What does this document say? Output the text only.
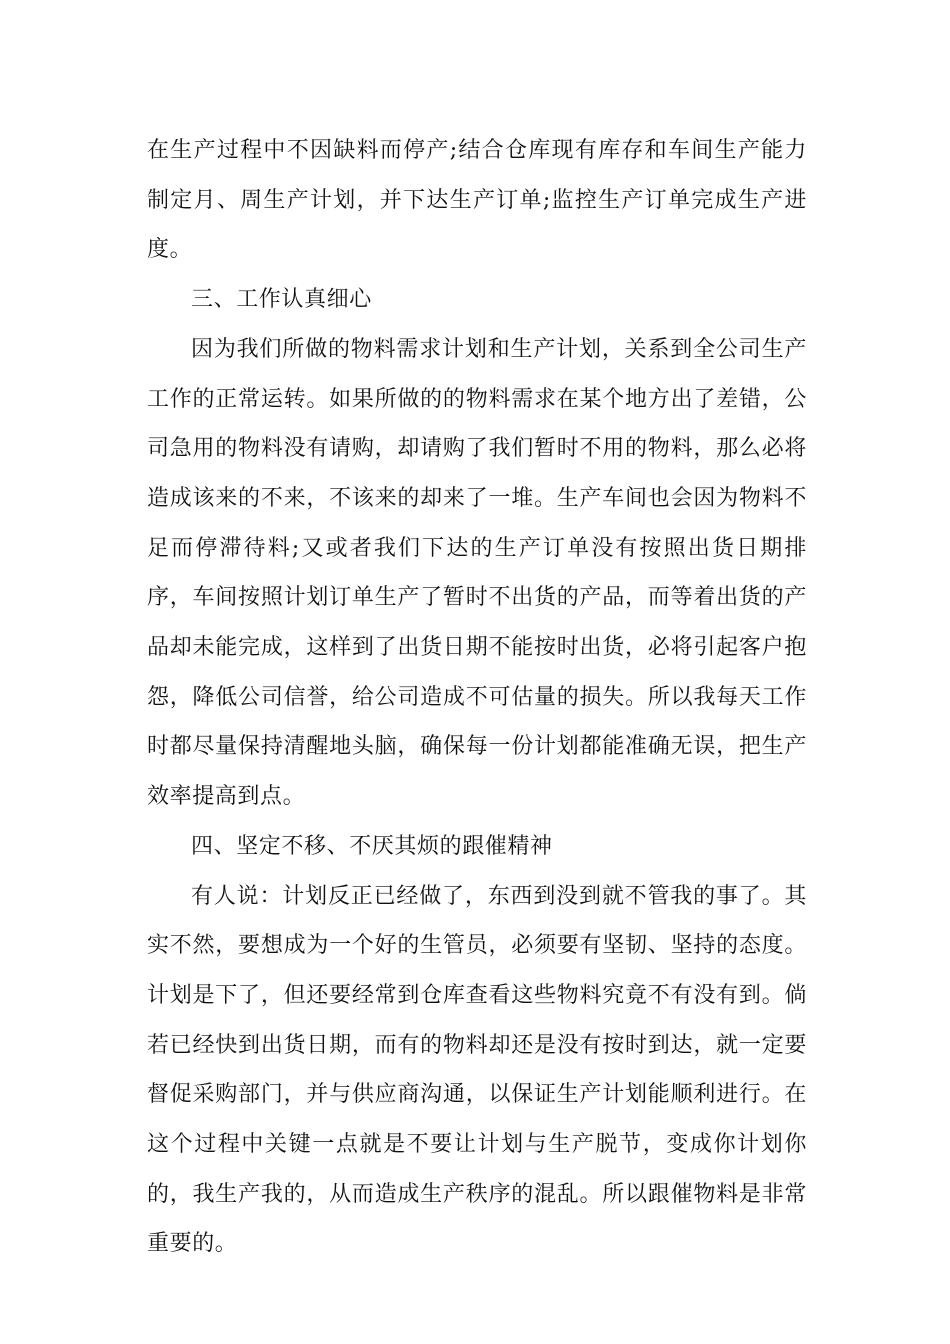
在生产过程中不因缺料而停产;结合仓库现有库存和车间生产能力制定月、周生产计划，并下达生产订单;监控生产订单完成生产进度。

三、工作认真细心

因为我们所做的物料需求计划和生产计划，关系到全公司生产工作的正常运转。如果所做的的物料需求在某个地方出了差错，公司急用的物料没有请购，却请购了我们暂时不用的物料，那么必将造成该来的不来，不该来的却来了一堆。生产车间也会因为物料不足而停滞待料;又或者我们下达的生产订单没有按照出货日期排序，车间按照计划订单生产了暂时不出货的产品，而等着出货的产品却未能完成，这样到了出货日期不能按时出货，必将引起客户抱怨，降低公司信誉，给公司造成不可估量的损失。所以我每天工作时都尽量保持清醒地头脑，确保每一份计划都能准确无误，把生产效率提高到点。

四、坚定不移、不厌其烦的跟催精神

有人说：计划反正已经做了，东西到没到就不管我的事了。其实不然，要想成为一个好的生管员，必须要有坚韧、坚持的态度。计划是下了，但还要经常到仓库查看这些物料究竟不有没有到。倘若已经快到出货日期，而有的物料却还是没有按时到达，就一定要督促采购部门，并与供应商沟通，以保证生产计划能顺利进行。在这个过程中关键一点就是不要让计划与生产脱节，变成你计划你的，我生产我的，从而造成生产秩序的混乱。所以跟催物料是非常重要的。
